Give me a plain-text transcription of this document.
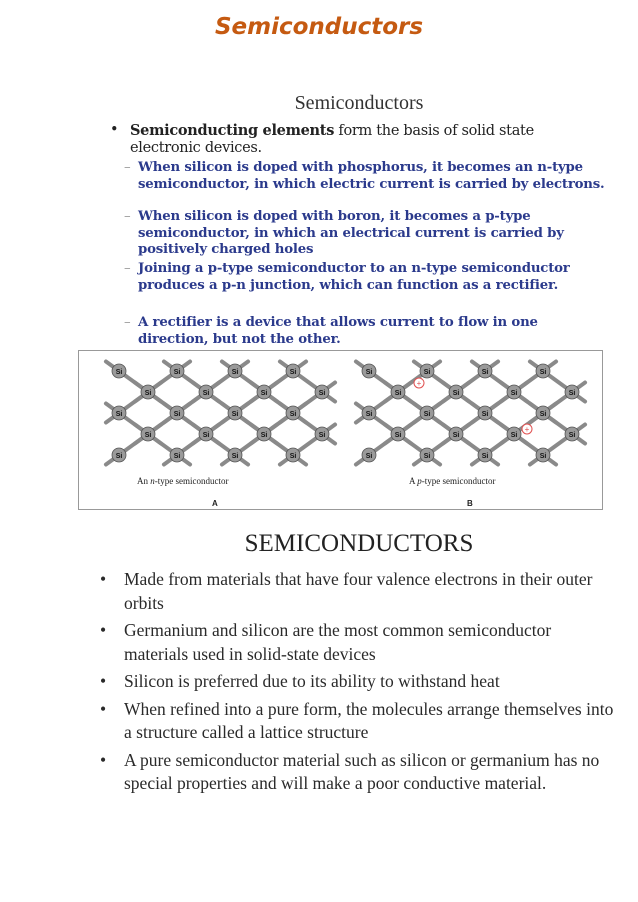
Semiconductors
Semiconductors
• Semiconducting elements form the basis of solid state electronic devices.
– When silicon is doped with phosphorus, it becomes an n-type semiconductor, in which electric current is carried by electrons.
– When silicon is doped with boron, it becomes a p-type semiconductor, in which an electrical current is carried by positively charged holes
– Joining a p-type semiconductor to an n-type semiconductor produces a p-n junction, which can function as a rectifier.
– A rectifier is a device that allows current to flow in one direction, but not the other.
Si	Si	Si	Si
Si	Si	Si	Si
Si	Si	Si	Si
Si	Si	Si	Si
Si	Si	Si	Si
Si	Si	Si	Si
Si	Si	Si	Si
Si	Si	Si	Si
Si	Si	Si	Si
Si	Si	Si	Si
+
+
An n-type semiconductor
A
A p-type semiconductor
B
SEMICONDUCTORS
• Made from materials that have four valence electrons in their outer orbits
• Germanium and silicon are the most common semiconductor materials used in solid-state devices
• Silicon is preferred due to its ability to withstand heat
• When refined into a pure form, the molecules arrange themselves into a structure called a lattice structure
• A pure semiconductor material such as silicon or germanium has no special properties and will make a poor conductive material.
